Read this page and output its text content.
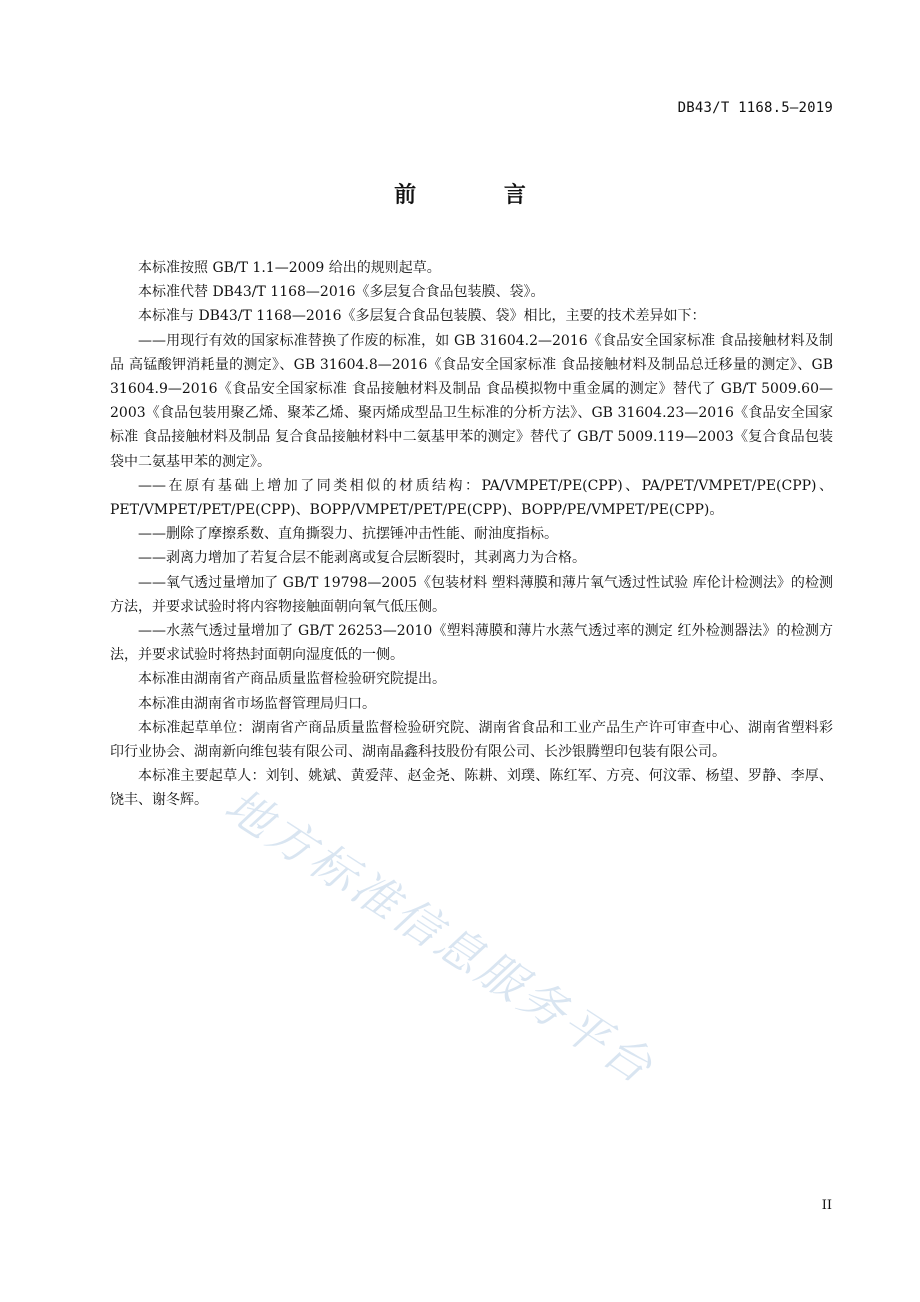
DB43/T 1168.5—2019
前 言

本标准按照 GB/T 1.1—2009 给出的规则起草。

本标准代替 DB43/T 1168—2016《多层复合食品包装膜、袋》。

本标准与 DB43/T 1168—2016《多层复合食品包装膜、袋》相比，主要的技术差异如下：

——用现行有效的国家标准替换了作废的标准，如 GB 31604.2—2016《食品安全国家标准 食品接触材料及制品 高锰酸钾消耗量的测定》、GB 31604.8—2016《食品安全国家标准 食品接触材料及制品总迁移量的测定》、GB 31604.9—2016《食品安全国家标准 食品接触材料及制品 食品模拟物中重金属的测定》替代了 GB/T 5009.60—2003《食品包装用聚乙烯、聚苯乙烯、聚丙烯成型品卫生标准的分析方法》、GB 31604.23—2016《食品安全国家标准 食品接触材料及制品 复合食品接触材料中二氨基甲苯的测定》替代了 GB/T 5009.119—2003《复合食品包装袋中二氨基甲苯的测定》。

——在原有基础上增加了同类相似的材质结构：PA/VMPET/PE(CPP)、PA/PET/VMPET/PE(CPP)、PET/VMPET/PET/PE(CPP)、BOPP/VMPET/PET/PE(CPP)、BOPP/PE/VMPET/PE(CPP)。

——删除了摩擦系数、直角撕裂力、抗摆锤冲击性能、耐油度指标。

——剥离力增加了若复合层不能剥离或复合层断裂时，其剥离力为合格。

——氧气透过量增加了 GB/T 19798—2005《包装材料 塑料薄膜和薄片氧气透过性试验 库伦计检测法》的检测方法，并要求试验时将内容物接触面朝向氧气低压侧。

——水蒸气透过量增加了 GB/T 26253—2010《塑料薄膜和薄片水蒸气透过率的测定 红外检测器法》的检测方法，并要求试验时将热封面朝向湿度低的一侧。

本标准由湖南省产商品质量监督检验研究院提出。

本标准由湖南省市场监督管理局归口。

本标准起草单位：湖南省产商品质量监督检验研究院、湖南省食品和工业产品生产许可审查中心、湖南省塑料彩印行业协会、湖南新向维包装有限公司、湖南晶鑫科技股份有限公司、长沙银腾塑印包装有限公司。

本标准主要起草人：刘钊、姚斌、黄爱萍、赵金尧、陈耕、刘璞、陈红军、方亮、何汶霏、杨望、罗静、李厚、饶丰、谢冬辉。 地方标准信息服务平台
II
